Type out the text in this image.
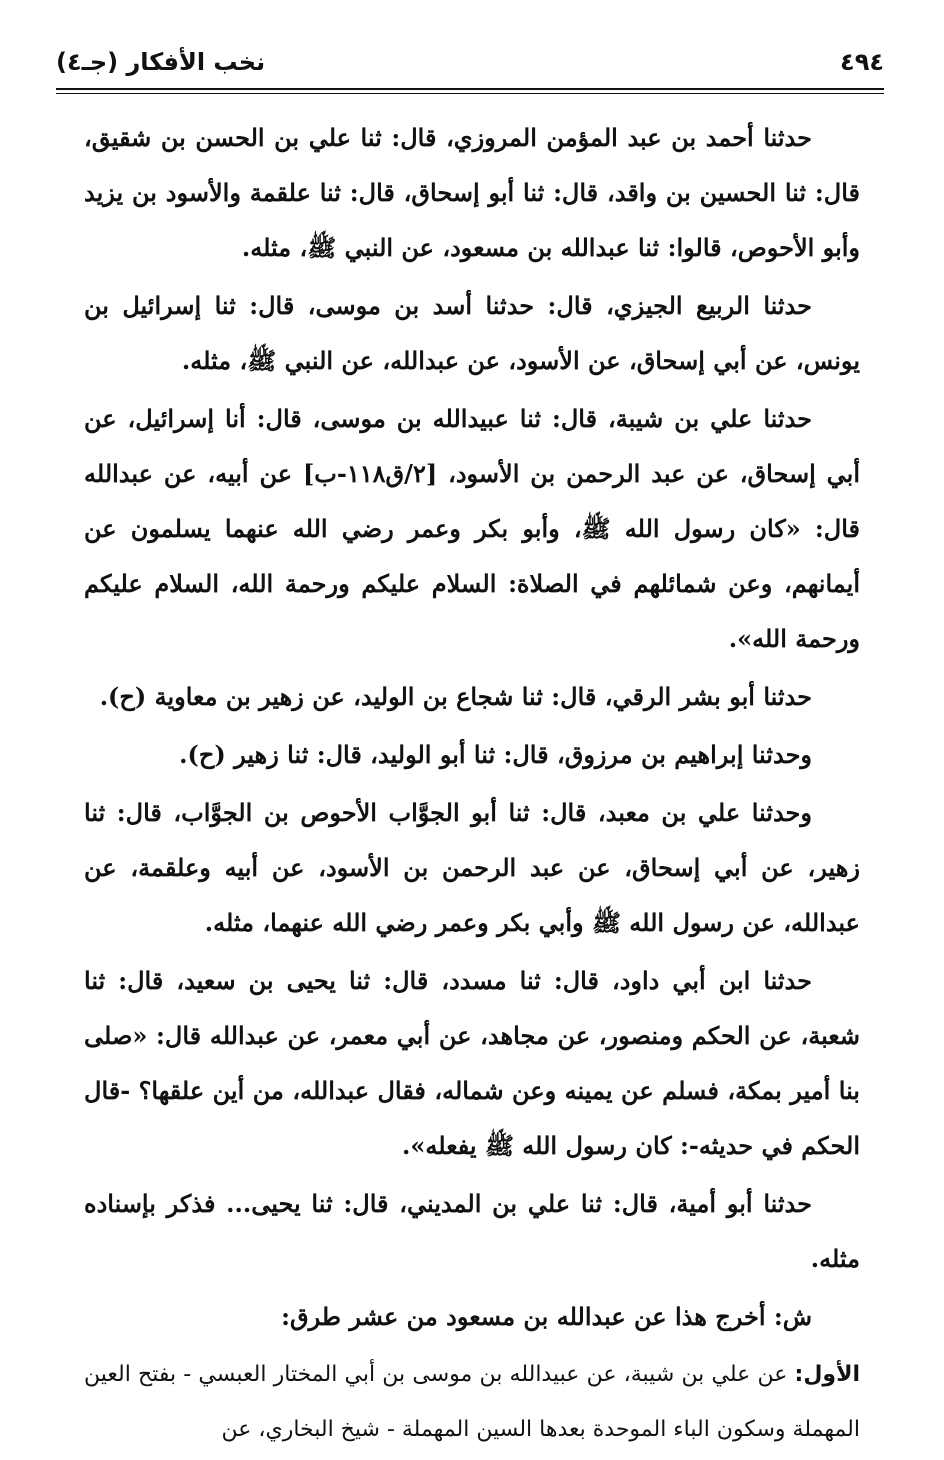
٤٩٤
نخب الأفكار (جـ٤)

حدثنا أحمد بن عبد المؤمن المروزي، قال: ثنا علي بن الحسن بن شقيق، قال: ثنا الحسين بن واقد، قال: ثنا أبو إسحاق، قال: ثنا علقمة والأسود بن يزيد وأبو الأحوص، قالوا: ثنا عبدالله بن مسعود، عن النبي ﷺ، مثله.

حدثنا الربيع الجيزي، قال: حدثنا أسد بن موسى، قال: ثنا إسرائيل بن يونس، عن أبي إسحاق، عن الأسود، عن عبدالله، عن النبي ﷺ، مثله.

حدثنا علي بن شيبة، قال: ثنا عبيدالله بن موسى، قال: أنا إسرائيل، عن أبي إسحاق، عن عبد الرحمن بن الأسود، [٢/ق١١٨-ب] عن أبيه، عن عبدالله قال: «كان رسول الله ﷺ، وأبو بكر وعمر رضي الله عنهما يسلمون عن أيمانهم، وعن شمائلهم في الصلاة: السلام عليكم ورحمة الله، السلام عليكم ورحمة الله».

حدثنا أبو بشر الرقي، قال: ثنا شجاع بن الوليد، عن زهير بن معاوية (ح).

وحدثنا إبراهيم بن مرزوق، قال: ثنا أبو الوليد، قال: ثنا زهير (ح).

وحدثنا علي بن معبد، قال: ثنا أبو الجوَّاب الأحوص بن الجوَّاب، قال: ثنا زهير، عن أبي إسحاق، عن عبد الرحمن بن الأسود، عن أبيه وعلقمة، عن عبدالله، عن رسول الله ﷺ وأبي بكر وعمر رضي الله عنهما، مثله.

حدثنا ابن أبي داود، قال: ثنا مسدد، قال: ثنا يحيى بن سعيد، قال: ثنا شعبة، عن الحكم ومنصور، عن مجاهد، عن أبي معمر، عن عبدالله قال: «صلى بنا أمير بمكة، فسلم عن يمينه وعن شماله، فقال عبدالله، من أين علقها؟ -قال الحكم في حديثه-: كان رسول الله ﷺ يفعله».

حدثنا أبو أمية، قال: ثنا علي بن المديني، قال: ثنا يحيى... فذكر بإسناده مثله.

ش: أخرج هذا عن عبدالله بن مسعود من عشر طرق:

الأول: عن علي بن شيبة، عن عبيدالله بن موسى بن أبي المختار العبسي - بفتح العين المهملة وسكون الباء الموحدة بعدها السين المهملة - شيخ البخاري، عن
